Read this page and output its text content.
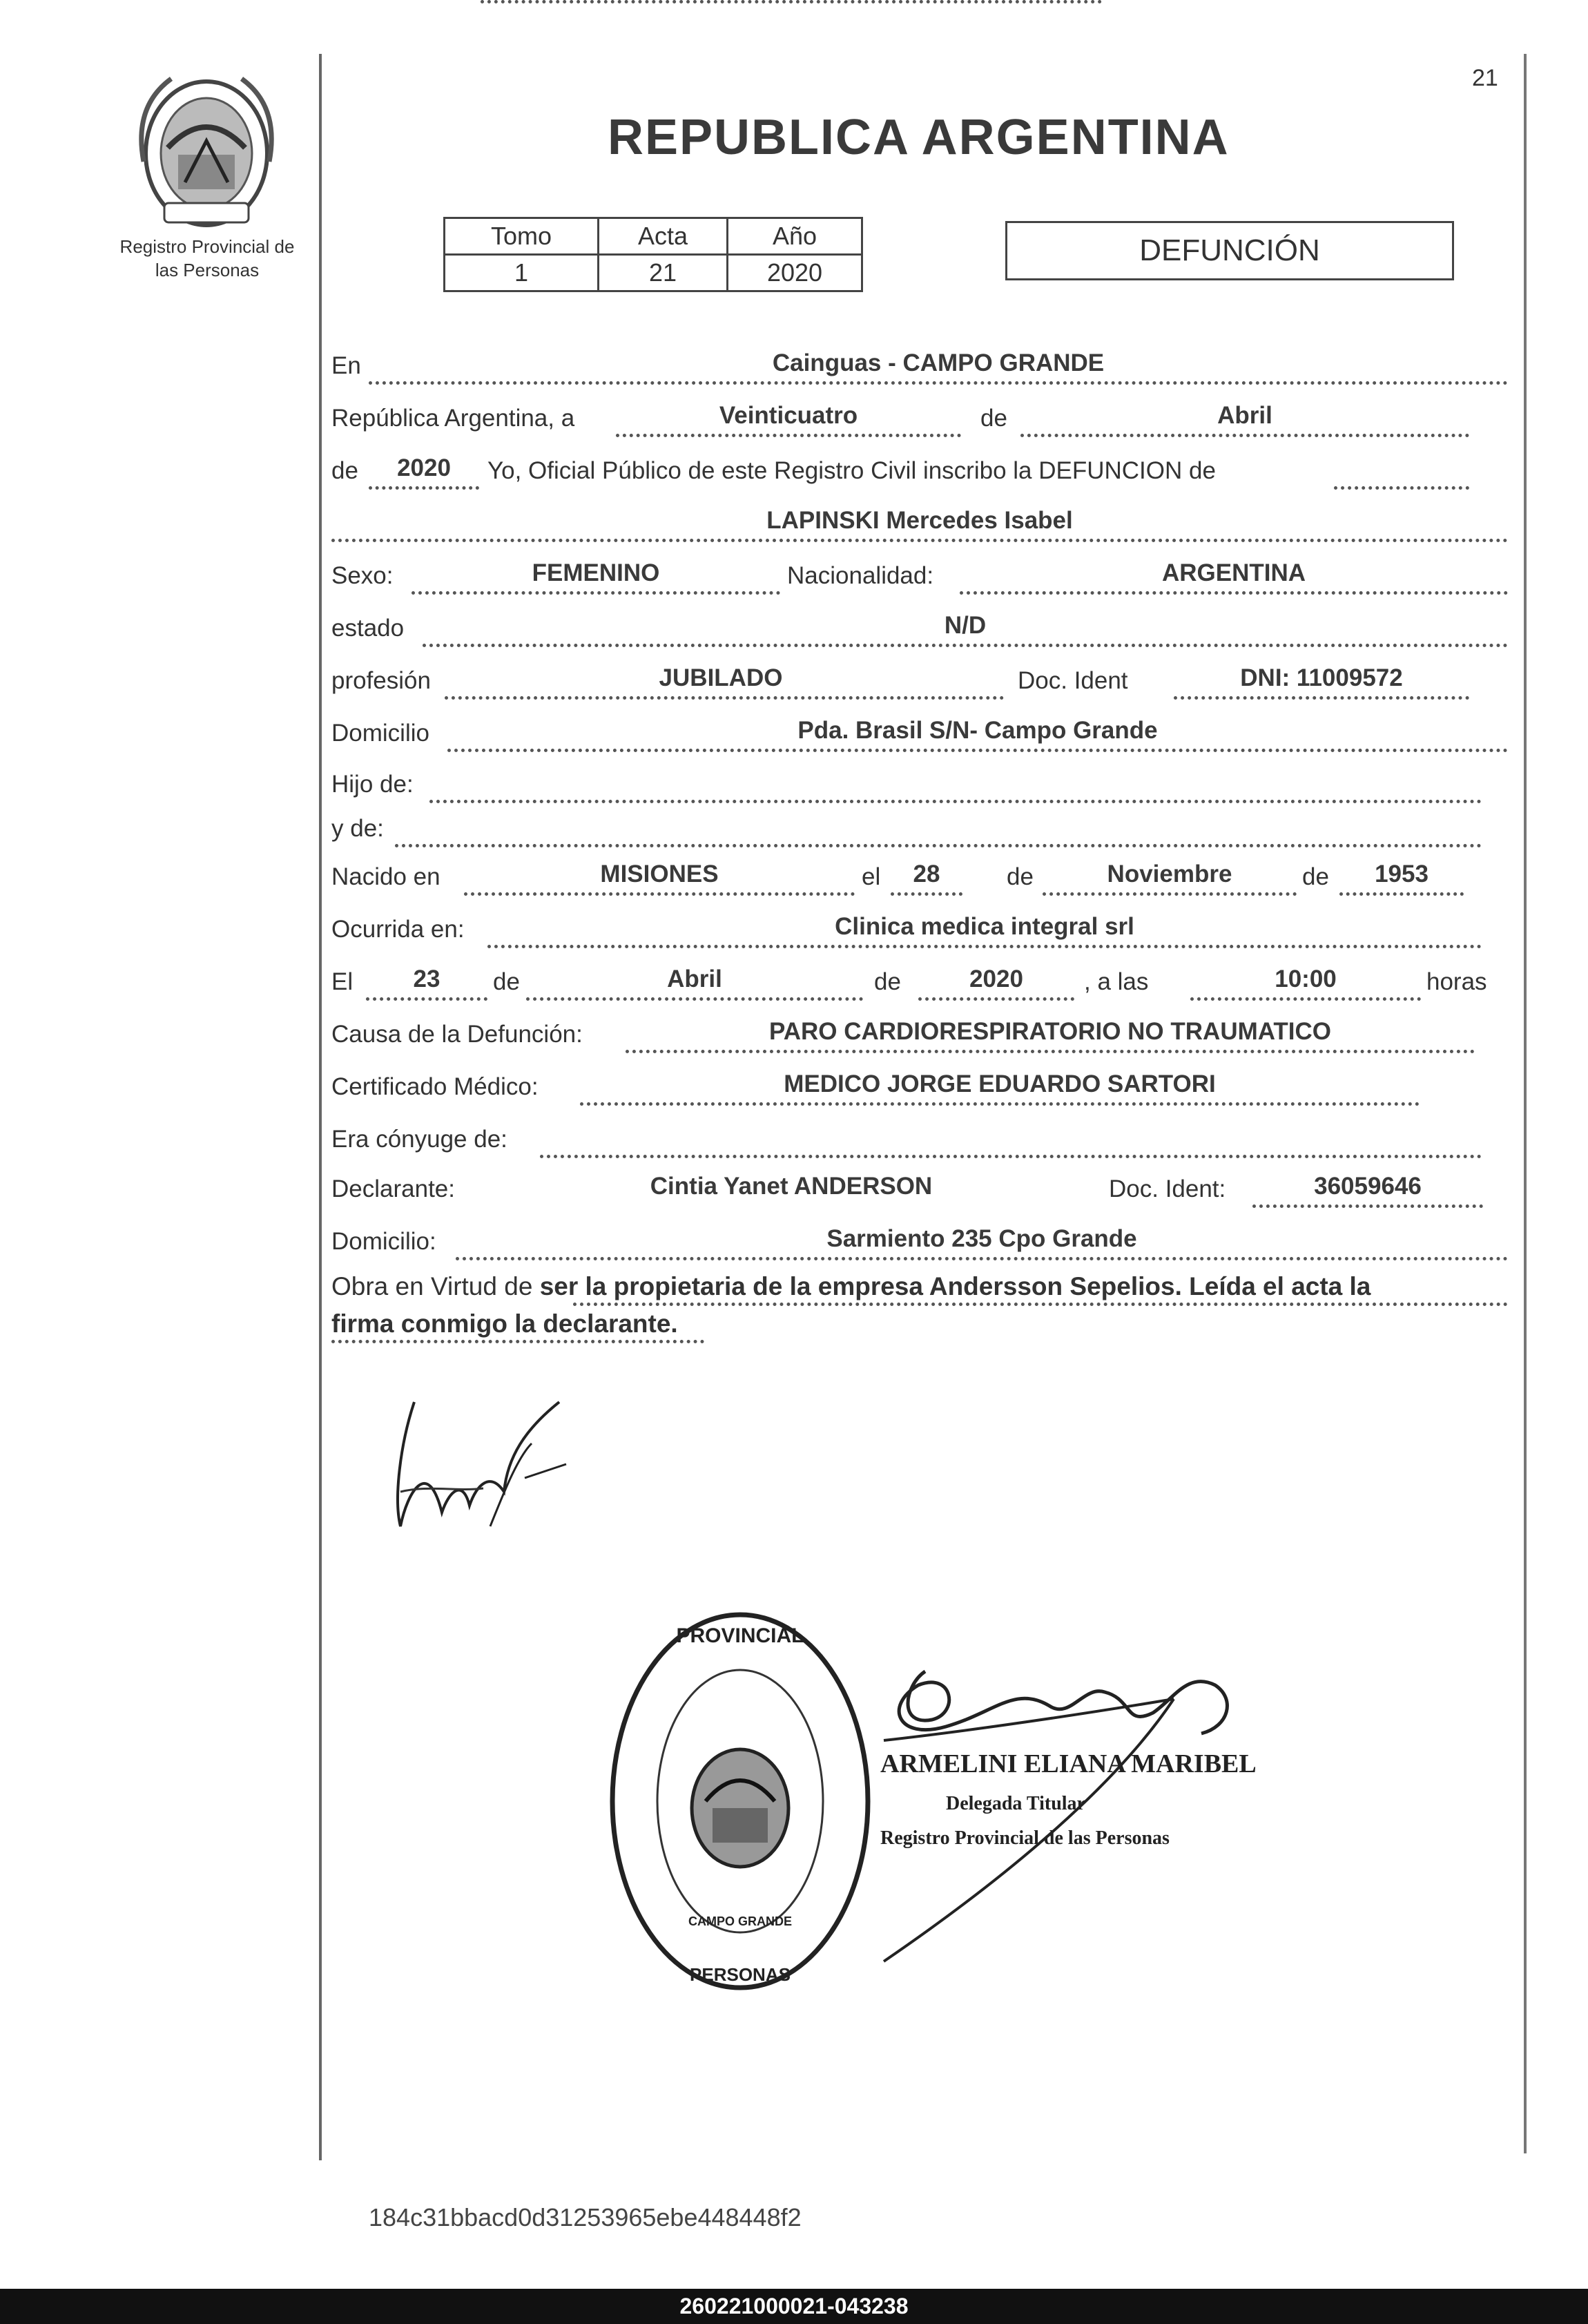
Registro Provincial de
las Personas
21
REPUBLICA ARGENTINA
Tomo	Acta	Año
1	21	2020
DEFUNCIÓN
En	Cainguas - CAMPO GRANDE
República Argentina, a	Veinticuatro	de	Abril
de	2020	Yo, Oficial Público de este Registro Civil inscribo la DEFUNCION de
LAPINSKI Mercedes Isabel
Sexo:	FEMENINO	Nacionalidad:	ARGENTINA
estado	N/D
profesión	JUBILADO	Doc. Ident	DNI: 11009572
Domicilio	Pda. Brasil S/N- Campo Grande
Hijo de:
y de:
Nacido en	MISIONES	el	28	de	Noviembre	de	1953
Ocurrida en:	Clinica medica integral srl
El	23	de	Abril	de	2020	, a las	10:00	horas
Causa de la Defunción:	PARO CARDIORESPIRATORIO NO TRAUMATICO
Certificado Médico:	MEDICO JORGE EDUARDO SARTORI
Era cónyuge de:
Declarante:	Cintia Yanet ANDERSON	Doc. Ident:	36059646
Domicilio:	Sarmiento 235 Cpo Grande
Obra en Virtud de ser la propietaria de la empresa Andersson Sepelios. Leída el acta la
firma conmigo la declarante.
PROVINCIAL
PERSONAS
CAMPO GRANDE
ARMELINI ELIANA MARIBEL
Delegada Titular
Registro Provincial de las Personas
184c31bbacd0d31253965ebe448448f2
260221000021-043238
